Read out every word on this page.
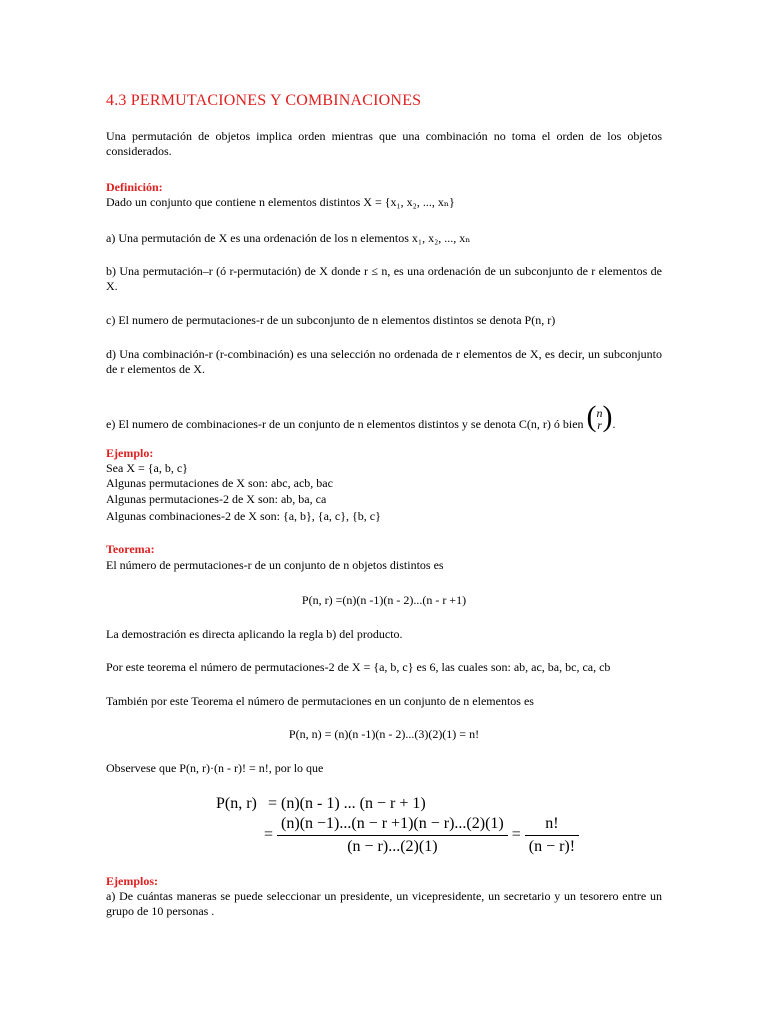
4.3 PERMUTACIONES Y COMBINACIONES
Una permutación de objetos implica orden mientras que una combinación no toma el orden de los objetos considerados.
Definición:
Dado un conjunto que contiene n elementos distintos X = {x₁, x₂, ..., xₙ}
a) Una permutación de X es una ordenación de los n elementos x₁, x₂, ..., xₙ
b) Una permutación–r (ó r-permutación) de X donde r ≤ n, es una ordenación de un subconjunto de r elementos de X.
c) El numero de permutaciones-r de un subconjunto de n elementos distintos se denota P(n, r)
d) Una combinación-r (r-combinación) es una selección no ordenada de r elementos de X, es decir, un subconjunto de r elementos de X.
e) El numero de combinaciones-r de un conjunto de n elementos distintos y se denota C(n, r) ó bien (n
r).
Ejemplo:
Sea X = {a, b, c}
Algunas permutaciones de X son: abc, acb, bac
Algunas permutaciones-2 de X son: ab, ba, ca
Algunas combinaciones-2 de X son: {a, b}, {a, c}, {b, c}
Teorema:
El número de permutaciones-r de un conjunto de n objetos distintos es
P(n, r) =(n)(n -1)(n - 2)...(n - r +1)
La demostración es directa aplicando la regla b) del producto.
Por este teorema el número de permutaciones-2 de X = {a, b, c} es 6, las cuales son: ab, ac, ba, bc, ca, cb
También por este Teorema el número de permutaciones en un conjunto de n elementos es
P(n, n) = (n)(n -1)(n - 2)...(3)(2)(1) = n!
Observese que P(n, r)·(n - r)! = n!, por lo que
P(n, r) = (n)(n - 1) ... (n − r + 1)
= $\frac{(n)(n -1)...(n - r +1)(n - r)...(2)(1)}{(n - r)...(2)(1)} = \frac{n!}{(n - r)!}$
Ejemplos:
a) De cuántas maneras se puede seleccionar un presidente, un vicepresidente, un secretario y un tesorero entre un grupo de 10 personas .
